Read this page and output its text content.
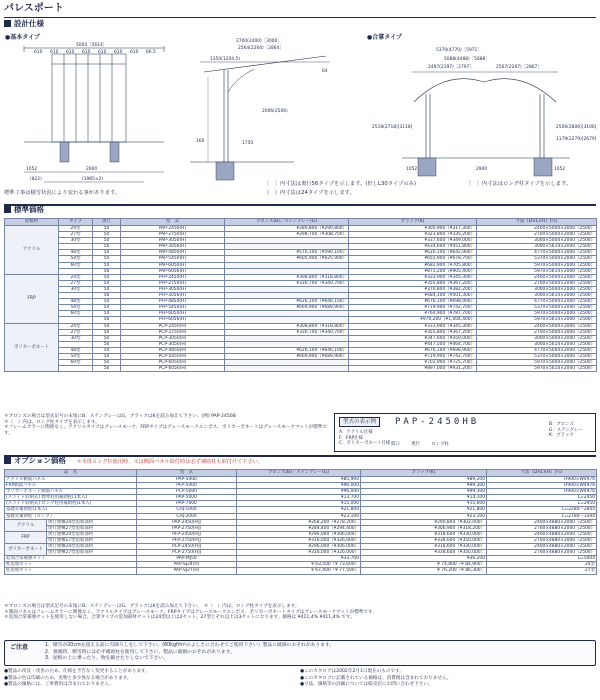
パレスポート
設計仕様
●基本タイプ
5004［5614］
610 610 610 610 610 610 610 66.5
1052	2900
(1985×2)
(822)
2700(2400)［3000］
2564(2264)［2864］
1350(1204.5)
2006(2506)
160	1750
64
●合掌タイプ
5370(4770)［5971］
5088(4488)［5688］
2497(2197)［2797］	2567(2267)［2867］
1052	2900	1052
2518(2718)[3118]	2506(2806)[3106]
1179(2279)[2679]
標準工事は積雪状況により変わる事があります。
［　］内寸法は奥行56タイプを示します。(但しL30タイプのみ)
（　）内寸法は24タイプを示します。
［　］内寸法はロング柱タイプを示します。
標準価格
屋根材	タイプ	奥行	型　式	ブロンズ(B)／ステングレー(G)	ブラック(K)	寸法（D×L×H）(％)
アクリル	24型	50	PAP-2450(H)	¥280,800（¥290,800）	¥305,900（¥317,300）	2400×5004×2000（2500）
	27型	50	PAP-2750(H)	¥298,700（¥308,700）	¥323,800（¥335,200）	2700×5004×2000（2500）
	30型	50	PAP-3050(H)		¥337,600（¥349,000）	3000×5004×2000（2500）
		56	PAP-3056(H)		¥434,600（¥451,800）	3000×5614×2000（2500）
	48型	50	PAP-4850(H)	¥570,100（¥590,100）	¥620,100（¥642,900）	4770×5004×2000（2500）
	54型	50	PAP-5450(H)	¥605,900（¥625,900）	¥655,900（¥678,700）	5370×5004×2000（2500）
	60型	50	PAP-6050(H)		¥682,900（¥705,800）	5970×5004×2000（2500）
		56	PAP-6056(H)		¥871,200（¥905,400）	5970×5614×2000（2500）
FRP	24型	50	PFP-2450(H)	¥308,800（¥318,800）	¥333,900（¥345,300）	2400×5004×2000（2500）
	27型	50	PFP-2750(H)	¥330,700（¥340,700）	¥355,800（¥367,200）	2700×5004×2000（2500）
	30型	50	PFP-3050(H)		¥370,800（¥382,200）	3000×5004×2000（2500）
		56	PFP-3056(H)		¥484,100（¥501,300）	3000×5614×2000（2500）
	48型	50	PFP-4850(H)	¥626,100（¥646,100）	¥676,100（¥698,900）	4770×5004×2000（2500）
	54型	50	PFP-5450(H)	¥669,900（¥689,900）	¥719,900（¥742,700）	5370×5004×2000（2500）
	60型	50	PFP-6050(H)		¥764,900（¥787,700）	5970×5004×2000（2500）
		56	PFP-6056(H)		¥970,200（¥1,004,400）	5970×5614×2000（2500）
ポリカーボネート	24型	50	PCP-2450(H)	¥308,800（¥318,800）	¥333,900（¥345,300）	2400×5004×2000（2500）
	27型	50	PCP-2750(H)	¥330,700（¥340,700）	¥355,800（¥367,200）	2700×5004×2000（2500）
	30型	50	PCP-3050(H)		¥347,600（¥359,000）	3000×5004×2000（2500）
		56	PCP-3056(H)		¥447,500（¥464,700）	3000×5614×2000（2500）
	48型	50	PCP-4850(H)	¥626,100（¥646,100）	¥676,100（¥698,900）	4770×5004×2000（2500）
	54型	50	PCP-5450(H)	¥669,900（¥689,900）	¥719,900（¥742,700）	5370×5004×2000（2500）
	60型	50	PCP-6050(H)		¥702,900（¥725,700）	5970×5004×2000（2500）
		56	PCP-6056(H)		¥897,000（¥931,200）	5970×5614×2000（2500）
＊ブロンズの場合は型式記号の末尾にB、ステングレーはG、ブラックはKを読み加えて下さい。(例) PAP-2450B
＊（　）内は、ロング柱タイプを表示します。
＊フレームカラーに関係なく、アクリルタイプはグレースモーク、FRPタイプはグレースモークエンボス、ポリカーボネートはグレースモークマットが標準です。
型式の表示例	PAP-2450HB
A：アクリル仕様
F：FRP仕様
C：ポリカーボネート仕様 間口	奥行	ロング柱
B：ブロンズ
G：ステングレー
K：ブラック
オプション価格 ＊本体ロング柱使用時、又は側面パネル取付時は必ず補助柱も取付けて下さい。
品　名		型　式	ブロンズ(B)／ステングレー(G)	ブラック(K)	寸法（D×L×H）(％)
アクリル側面パネル		PAP-5000	¥85,900	¥89,200	H900×W4976
FRP側面パネル		PFP-5000	¥96,000	¥99,300	H900×W4976
ポリカーボネート側面パネル		PCP-5000	¥96,000	¥99,300	H900×W4976
(スライド収納式) 標準柱用補助柱(1本入)		PAP-5000	¥13,700	¥14,100	L=2450
(スライド収納式) ロング柱用補助柱(1本入)		PAP-7000	¥15,000	¥15,600	L=2950
基礎式補助柱(1本入)		CHJ-1000	¥21,800	¥21,800	L=2284～2844
基礎式補助柱（ロング）		CHJ-2000	¥23,100	¥23,100	L=2784～3344
アクリル	奥行連棟24型追加部材	PAP-2450(H)J	¥268,200（¥278,200）	¥290,800（¥302,000）	2400×4880×2000（2500）
	奥行連棟27型追加部材	PAP-2750(H)J	¥284,400（¥294,400）	¥306,900（¥318,200）	2700×4880×2000（2500）
FRP	奥行連棟24型追加部材	PFP-2450(H)J	¥296,000（¥306,000）	¥318,600（¥330,000）	2400×4880×2000（2500）
	奥行連棟27型追加部材	PFP-2750(H)J	¥316,000（¥326,000）	¥338,600（¥350,000）	2700×4880×2000（2500）
ポリカーボネート	奥行連棟24型追加部材	PCP-2450(H)J	¥296,000（¥306,000）	¥318,600（¥330,000）	2400×4880×2000（2500）
	奥行連棟27型追加部材	PCP-2750(H)J	¥316,000（¥326,000）	¥338,600（¥350,000）	2700×4880×2000（2500）
追加合掌補強セット		PAP-MJ50	¥33,700	¥36,200	L=5004
柱追加セット		PAP-SJ24(H)	¥ 63,500（¥ 73,600）	¥ 74,800（¥ 84,900）	24型
柱追加セット		PAP-SJ27(H)	¥ 67,400（¥ 77,500）	¥ 76,200（¥ 86,300）	27型
＊ブロンズの場合は型式記号の末尾にB、ステングレーはG、ブラックはKを読み加えて下さい。　＊（　）内は、ロング柱タイプを表示します。
＊側面パネルはフレームカラーに関係なく、アクリルタイプはグレースモーク、FRPタイプはグレースモークエンボス、ポリカーボネートタイプはグレースモークマットが標準です。
＊追加合掌補強セットを使用しない場合、合掌タイプの追加部材セットは24型以上は2セット、27型とそれ以上は3セットになります。価格は ¥411,4% ¥411,4% です。
ご注意	1．積雪が20cmを超える前に雪降ろしをして下さい。(60kgf/m²のよしさに合わせてご使用下さい）製品に破損のおそれがあります。
2．強風時、積雪時には必ず補助柱を使用して下さい。製品に破損のおそれがあります。
3．屋根の上に乗ったり、物を載せたりしないで下さい。
●製品の改良・改善のため、仕様を予告なく変更することがあります。
●製品の色は印刷のため、実物と多少異なる場合があります。
●製品の価格には、工事費用は含まれておりません。
●このカタログは2002年2月1日現在のものです。
●このカタログに記載されている価格は、消費税は含まれておりません。
●寸法、価格等の詳細については販売店にお問い合わせ下さい。
